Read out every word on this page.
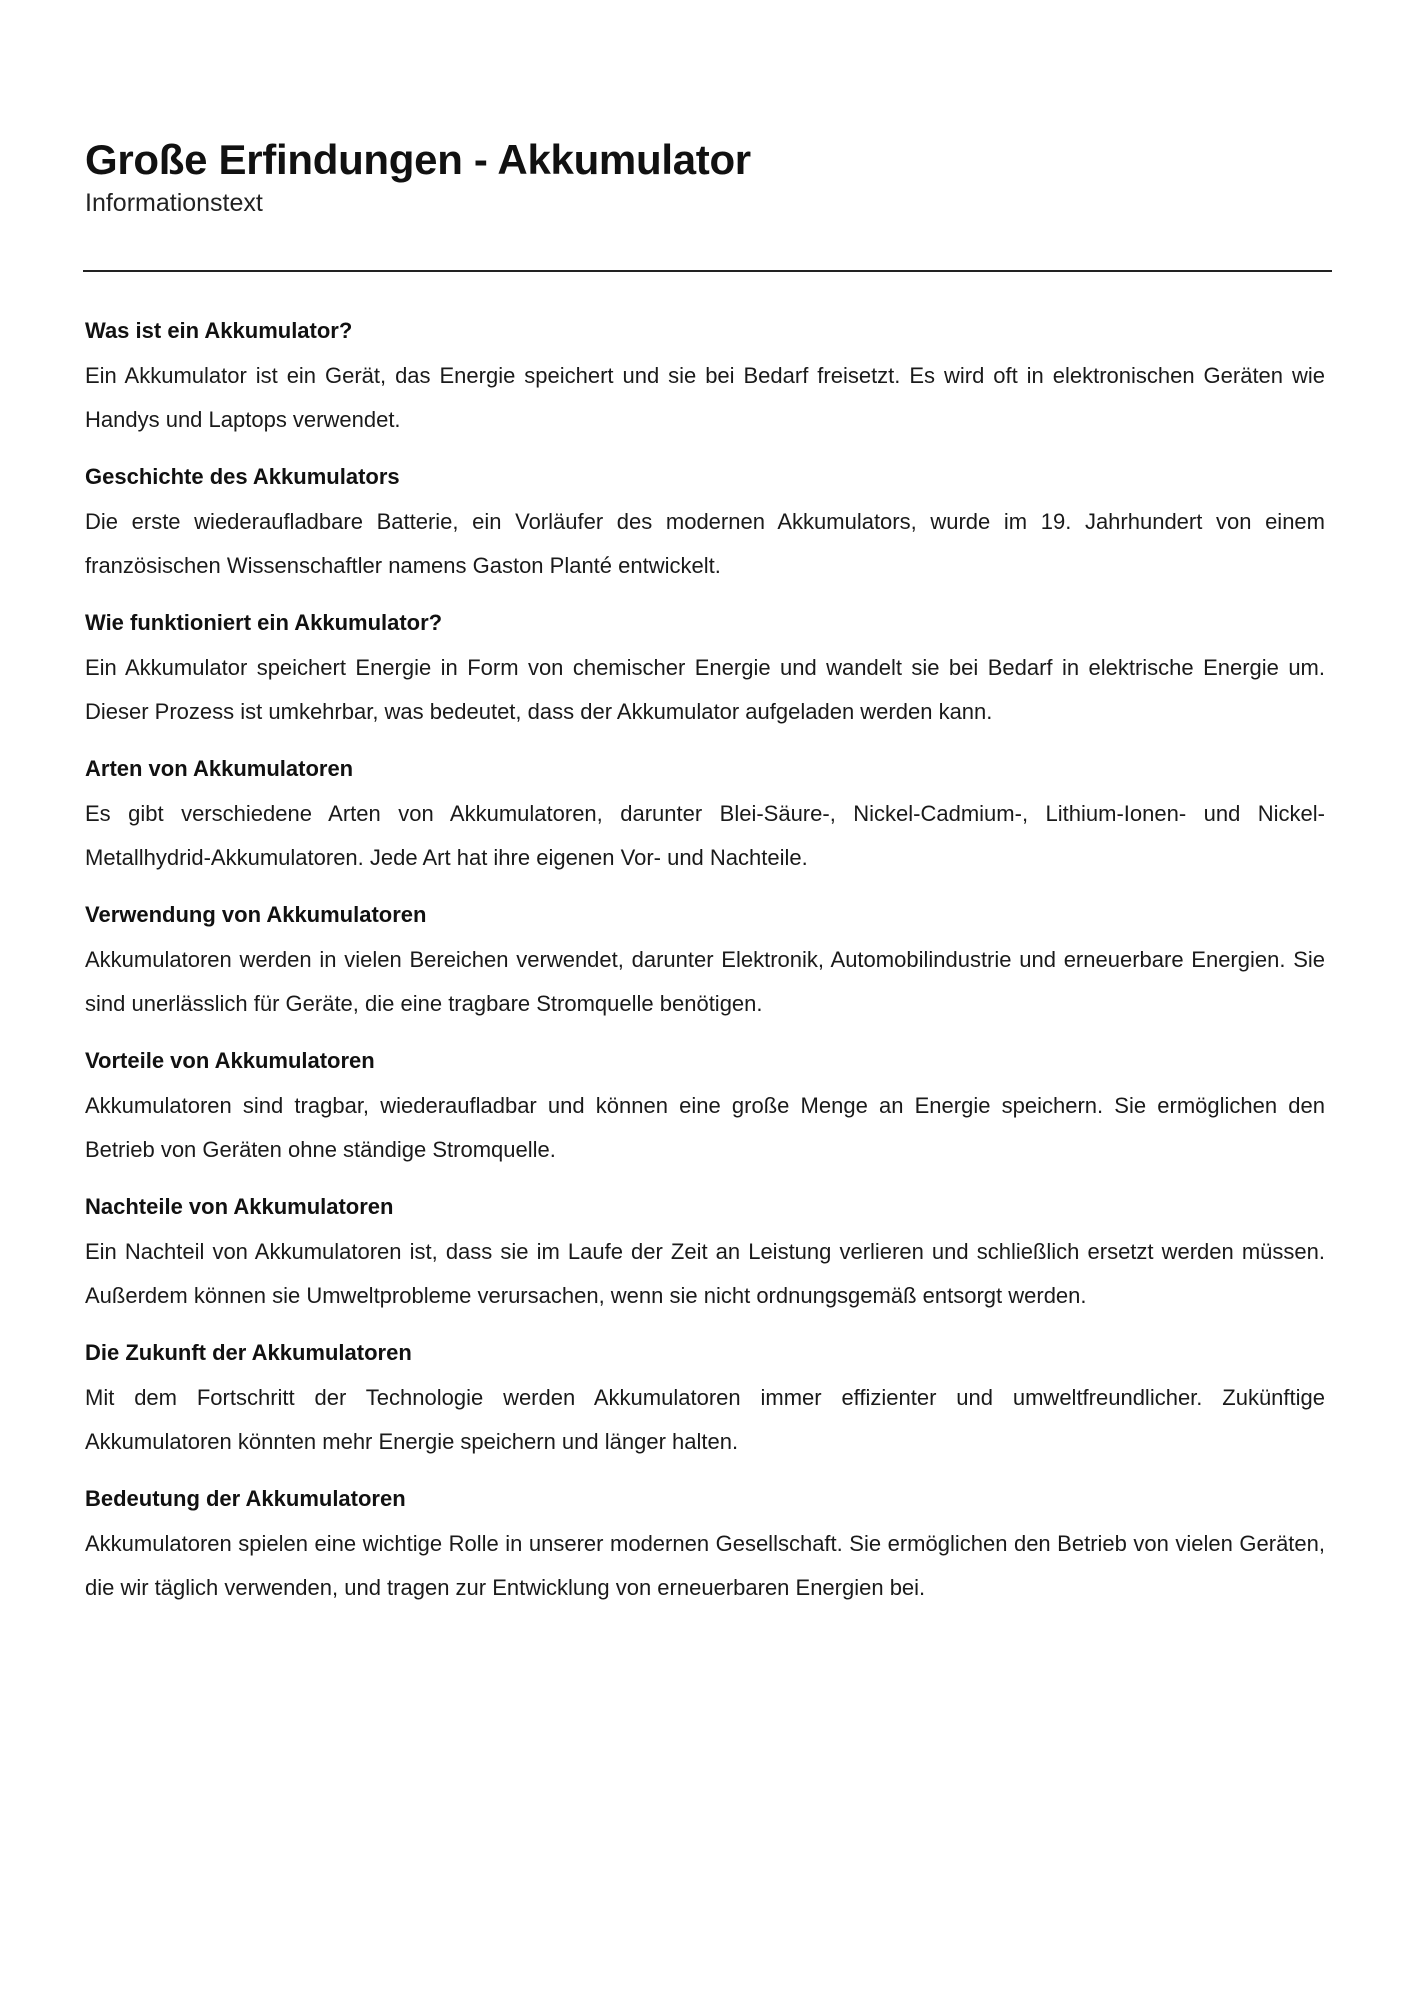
Große Erfindungen - Akkumulator
Informationstext
Was ist ein Akkumulator?

Ein Akkumulator ist ein Gerät, das Energie speichert und sie bei Bedarf freisetzt. Es wird oft in elektronischen Geräten wie Handys und Laptops verwendet.

Geschichte des Akkumulators

Die erste wiederaufladbare Batterie, ein Vorläufer des modernen Akkumulators, wurde im 19. Jahrhundert von einem französischen Wissenschaftler namens Gaston Planté entwickelt.

Wie funktioniert ein Akkumulator?

Ein Akkumulator speichert Energie in Form von chemischer Energie und wandelt sie bei Bedarf in elektrische Energie um. Dieser Prozess ist umkehrbar, was bedeutet, dass der Akkumulator aufgeladen werden kann.

Arten von Akkumulatoren

Es gibt verschiedene Arten von Akkumulatoren, darunter Blei-Säure-, Nickel-Cadmium-, Lithium-Ionen- und Nickel-Metallhydrid-Akkumulatoren. Jede Art hat ihre eigenen Vor- und Nachteile.

Verwendung von Akkumulatoren

Akkumulatoren werden in vielen Bereichen verwendet, darunter Elektronik, Automobilindustrie und erneuerbare Energien. Sie sind unerlässlich für Geräte, die eine tragbare Stromquelle benötigen.

Vorteile von Akkumulatoren

Akkumulatoren sind tragbar, wiederaufladbar und können eine große Menge an Energie speichern. Sie ermöglichen den Betrieb von Geräten ohne ständige Stromquelle.

Nachteile von Akkumulatoren

Ein Nachteil von Akkumulatoren ist, dass sie im Laufe der Zeit an Leistung verlieren und schließlich ersetzt werden müssen. Außerdem können sie Umweltprobleme verursachen, wenn sie nicht ordnungsgemäß entsorgt werden.

Die Zukunft der Akkumulatoren

Mit dem Fortschritt der Technologie werden Akkumulatoren immer effizienter und umweltfreundlicher. Zukünftige Akkumulatoren könnten mehr Energie speichern und länger halten.

Bedeutung der Akkumulatoren

Akkumulatoren spielen eine wichtige Rolle in unserer modernen Gesellschaft. Sie ermöglichen den Betrieb von vielen Geräten, die wir täglich verwenden, und tragen zur Entwicklung von erneuerbaren Energien bei.
